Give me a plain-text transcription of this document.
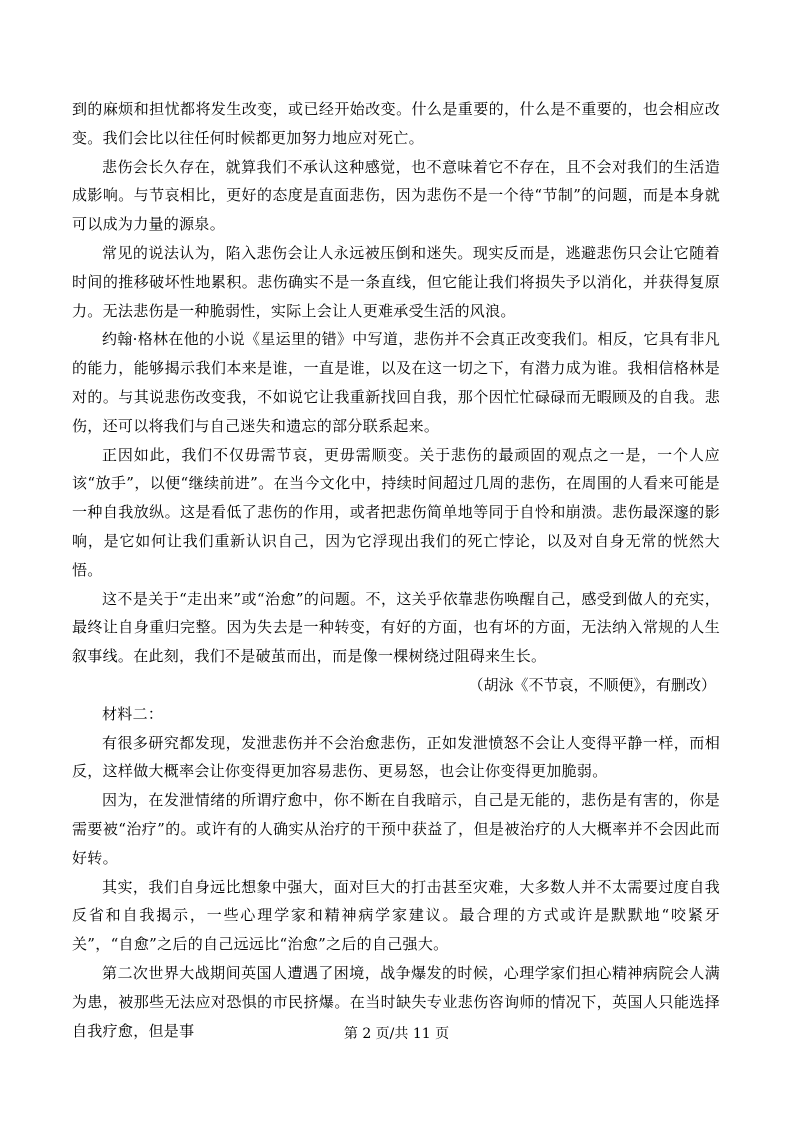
到的麻烦和担忧都将发生改变，或已经开始改变。什么是重要的，什么是不重要的，也会相应改变。我们会比以往任何时候都更加努力地应对死亡。

悲伤会长久存在，就算我们不承认这种感觉，也不意味着它不存在，且不会对我们的生活造成影响。与节哀相比，更好的态度是直面悲伤，因为悲伤不是一个待“节制”的问题，而是本身就可以成为力量的源泉。

常见的说法认为，陷入悲伤会让人永远被压倒和迷失。现实反而是，逃避悲伤只会让它随着时间的推移破坏性地累积。悲伤确实不是一条直线，但它能让我们将损失予以消化，并获得复原力。无法悲伤是一种脆弱性，实际上会让人更难承受生活的风浪。

约翰·格林在他的小说《星运里的错》中写道，悲伤并不会真正改变我们。相反，它具有非凡的能力，能够揭示我们本来是谁，一直是谁，以及在这一切之下，有潜力成为谁。我相信格林是对的。与其说悲伤改变我，不如说它让我重新找回自我，那个因忙忙碌碌而无暇顾及的自我。悲伤，还可以将我们与自己迷失和遗忘的部分联系起来。

正因如此，我们不仅毋需节哀，更毋需顺变。关于悲伤的最顽固的观点之一是，一个人应该“放手”，以便“继续前进”。在当今文化中，持续时间超过几周的悲伤，在周围的人看来可能是一种自我放纵。这是看低了悲伤的作用，或者把悲伤简单地等同于自怜和崩溃。悲伤最深邃的影响，是它如何让我们重新认识自己，因为它浮现出我们的死亡悖论，以及对自身无常的恍然大悟。

这不是关于“走出来”或“治愈”的问题。不，这关乎依靠悲伤唤醒自己，感受到做人的充实，最终让自身重归完整。因为失去是一种转变，有好的方面，也有坏的方面，无法纳入常规的人生叙事线。在此刻，我们不是破茧而出，而是像一棵树绕过阻碍来生长。

（胡泳《不节哀，不顺便》，有删改）

材料二：

有很多研究都发现，发泄悲伤并不会治愈悲伤，正如发泄愤怒不会让人变得平静一样，而相反，这样做大概率会让你变得更加容易悲伤、更易怒，也会让你变得更加脆弱。

因为，在发泄情绪的所谓疗愈中，你不断在自我暗示，自己是无能的，悲伤是有害的，你是需要被“治疗”的。或许有的人确实从治疗的干预中获益了，但是被治疗的人大概率并不会因此而好转。

其实，我们自身远比想象中强大，面对巨大的打击甚至灾难，大多数人并不太需要过度自我反省和自我揭示，一些心理学家和精神病学家建议。最合理的方式或许是默默地“咬紧牙关”，“自愈”之后的自己远远比“治愈”之后的自己强大。

第二次世界大战期间英国人遭遇了困境，战争爆发的时候，心理学家们担心精神病院会人满为患，被那些无法应对恐惧的市民挤爆。在当时缺失专业悲伤咨询师的情况下，英国人只能选择自我疗愈，但是事	第 2 页/共 11 页
